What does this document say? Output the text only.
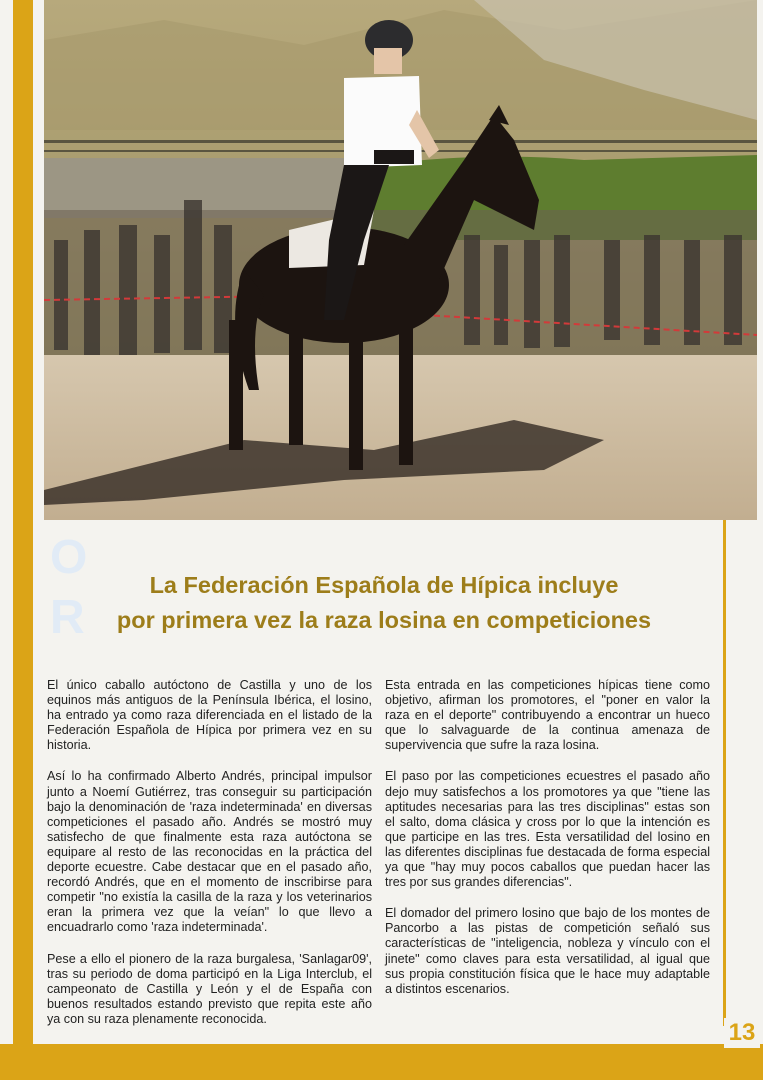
O
R
La Federación Española de Hípica incluye
por primera vez la raza losina en competiciones

El único caballo autóctono de Castilla y uno de los equinos más antiguos de la Península Ibérica, el losino, ha entrado ya como raza diferenciada en el listado de la Federación Española de Hípica por primera vez en su historia.

Así lo ha confirmado Alberto Andrés, principal impulsor junto a Noemí Gutiérrez, tras conseguir su participación bajo la denominación de 'raza indeterminada' en diversas competiciones el pasado año. Andrés se mostró muy satisfecho de que finalmente esta raza autóctona se equipare al resto de las reconocidas en la práctica del deporte ecuestre. Cabe destacar que en el pasado año, recordó Andrés, que en el momento de inscribirse para competir "no existía la casilla de la raza y los veterinarios eran la primera vez que la veían" lo que llevo a encuadrarlo como 'raza indeterminada'.

Pese a ello el pionero de la raza burgalesa, 'Sanlagar09', tras su periodo de doma participó en la Liga Interclub, el campeonato de Castilla y León y el de España con buenos resultados estando previsto que repita este año ya con su raza plenamente reconocida.

Esta entrada en las competiciones hípicas tiene como objetivo, afirman los promotores, el "poner en valor la raza en el deporte" contribuyendo a encontrar un hueco que lo salvaguarde de la continua amenaza de supervivencia que sufre la raza losina.

El paso por las competiciones ecuestres el pasado año dejo muy satisfechos a los promotores ya que "tiene las aptitudes necesarias para las tres disciplinas" estas son el salto, doma clásica y cross por lo que la intención es que participe en las tres. Esta versatilidad del losino en las diferentes disciplinas fue destacada de forma especial ya que "hay muy pocos caballos que puedan hacer las tres por sus grandes diferencias".

El domador del primero losino que bajo de los montes de Pancorbo a las pistas de competición señaló sus características de "inteligencia, nobleza y vínculo con el jinete" como claves para esta versatilidad, al igual que sus propia constitución física que le hace muy adaptable a distintos escenarios.

13
